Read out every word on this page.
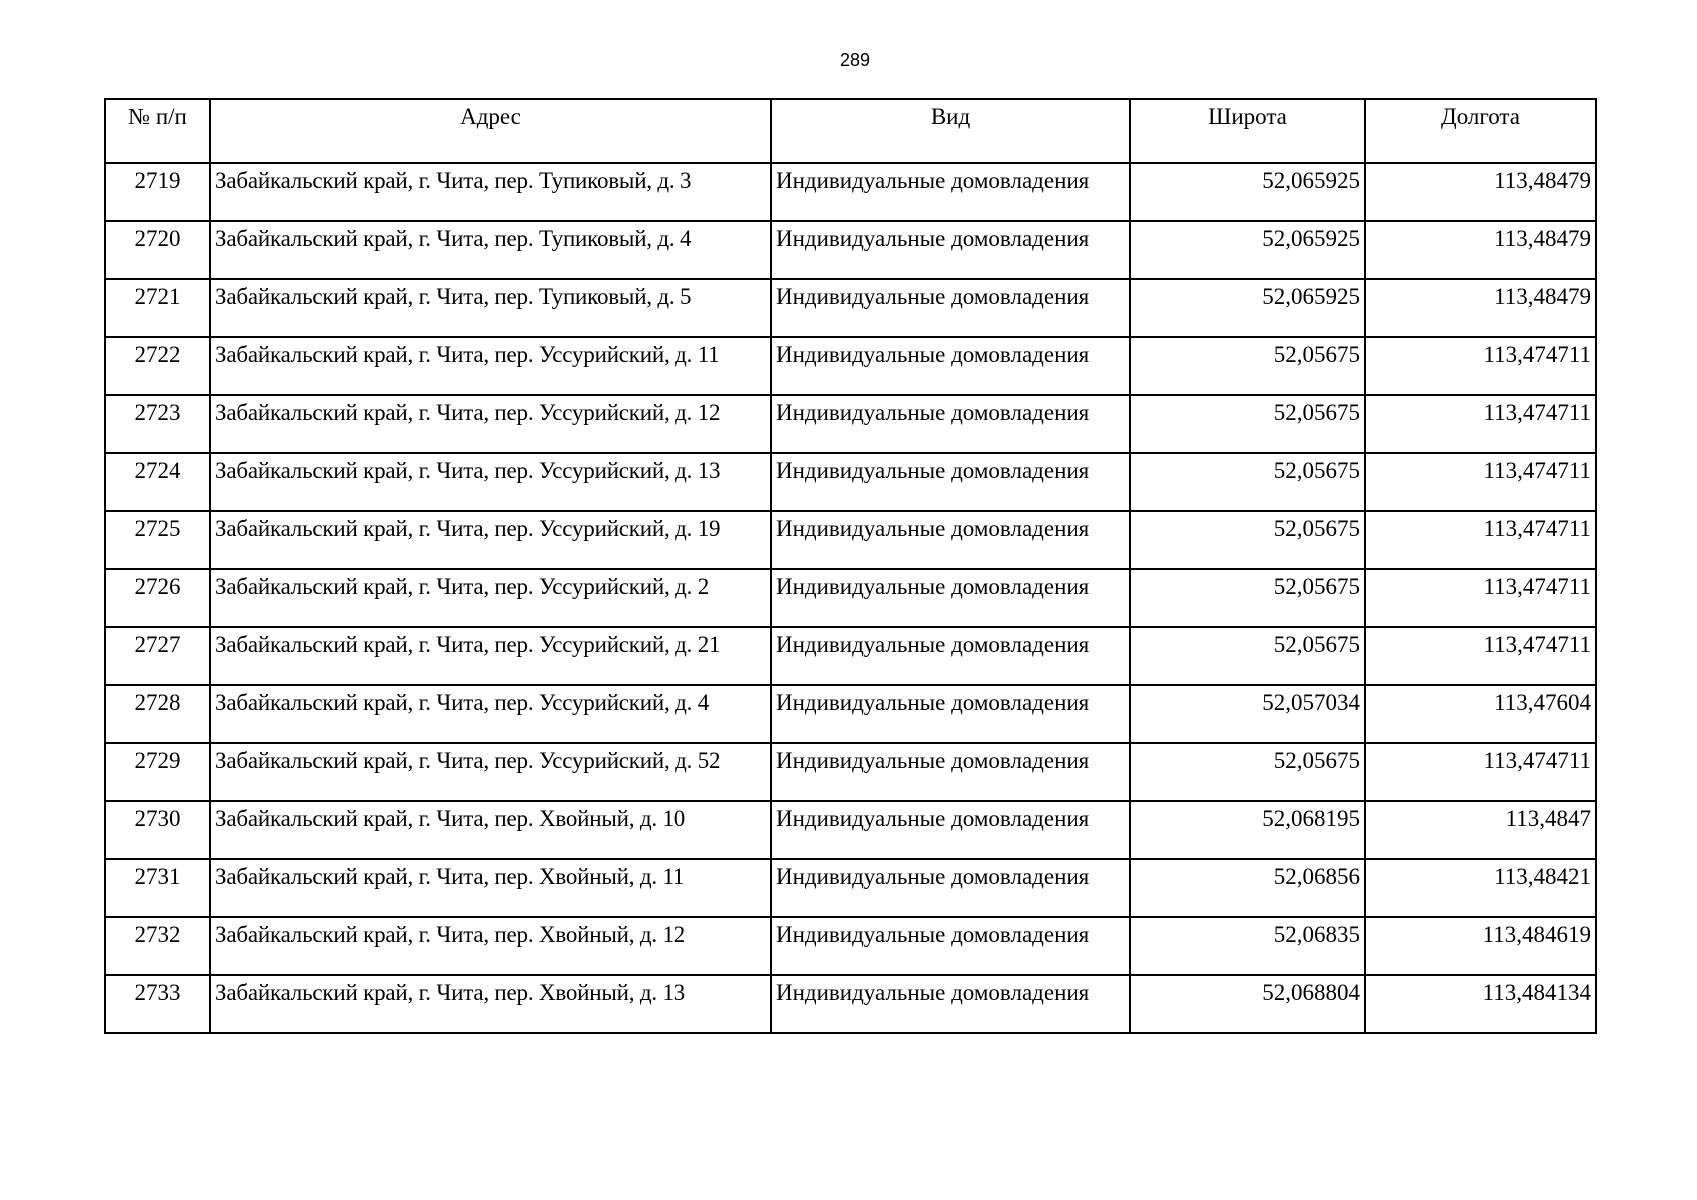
289
№ п/п	Адрес	Вид	Широта	Долгота
2719	Забайкальский край, г. Чита, пер. Тупиковый, д. 3	Индивидуальные домовладения	52,065925	113,48479
2720	Забайкальский край, г. Чита, пер. Тупиковый, д. 4	Индивидуальные домовладения	52,065925	113,48479
2721	Забайкальский край, г. Чита, пер. Тупиковый, д. 5	Индивидуальные домовладения	52,065925	113,48479
2722	Забайкальский край, г. Чита, пер. Уссурийский, д. 11	Индивидуальные домовладения	52,05675	113,474711
2723	Забайкальский край, г. Чита, пер. Уссурийский, д. 12	Индивидуальные домовладения	52,05675	113,474711
2724	Забайкальский край, г. Чита, пер. Уссурийский, д. 13	Индивидуальные домовладения	52,05675	113,474711
2725	Забайкальский край, г. Чита, пер. Уссурийский, д. 19	Индивидуальные домовладения	52,05675	113,474711
2726	Забайкальский край, г. Чита, пер. Уссурийский, д. 2	Индивидуальные домовладения	52,05675	113,474711
2727	Забайкальский край, г. Чита, пер. Уссурийский, д. 21	Индивидуальные домовладения	52,05675	113,474711
2728	Забайкальский край, г. Чита, пер. Уссурийский, д. 4	Индивидуальные домовладения	52,057034	113,47604
2729	Забайкальский край, г. Чита, пер. Уссурийский, д. 52	Индивидуальные домовладения	52,05675	113,474711
2730	Забайкальский край, г. Чита, пер. Хвойный, д. 10	Индивидуальные домовладения	52,068195	113,4847
2731	Забайкальский край, г. Чита, пер. Хвойный, д. 11	Индивидуальные домовладения	52,06856	113,48421
2732	Забайкальский край, г. Чита, пер. Хвойный, д. 12	Индивидуальные домовладения	52,06835	113,484619
2733	Забайкальский край, г. Чита, пер. Хвойный, д. 13	Индивидуальные домовладения	52,068804	113,484134
